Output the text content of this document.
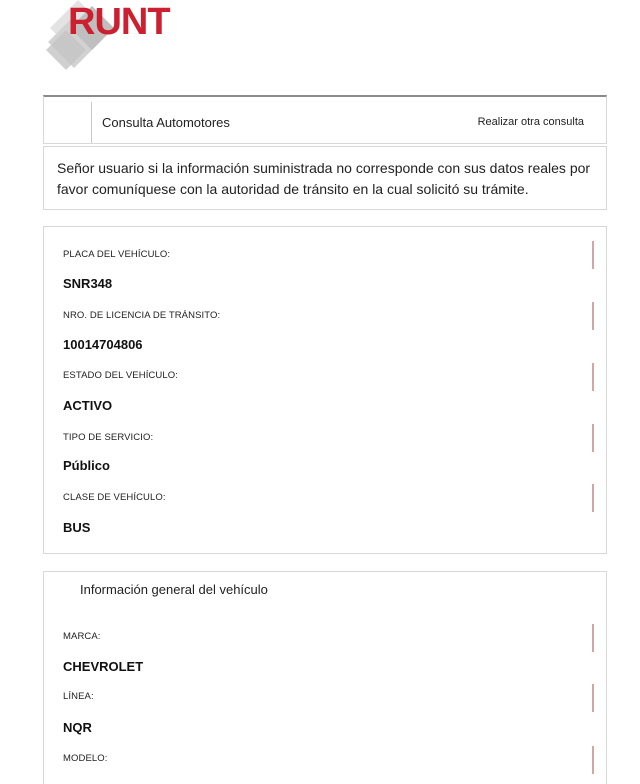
RUNT
Consulta Automotores	Realizar otra consulta
Señor usuario si la información suministrada no corresponde con sus datos reales por favor comuníquese con la autoridad de tránsito en la cual solicitó su trámite.
PLACA DEL VEHÍCULO:
SNR348
NRO. DE LICENCIA DE TRÁNSITO:
10014704806
ESTADO DEL VEHÍCULO:
ACTIVO
TIPO DE SERVICIO:
Público
CLASE DE VEHÍCULO:
BUS
Información general del vehículo
MARCA:
CHEVROLET
LÍNEA:
NQR
MODELO:
